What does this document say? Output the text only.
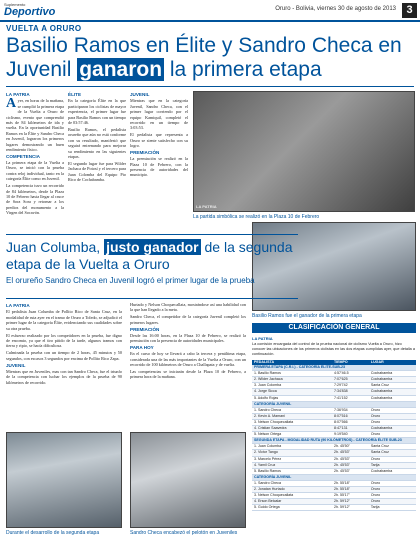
Suplemento
Deportivo	Oruro - Bolivia, viernes 30 de agosto de 2013 3
VUELTA A ORURO
Basilio Ramos en Élite y Sandro Checa en Juvenil ganaron la primera etapa
LA PATRIA

Ayer, en horas de la mañana, se cumplió la primera etapa de la Vuelta a Oruro de ciclismo, evento que comprendió más de 84 kilómetros de ida y vuelta. En la oportunidad Basilio Ramos en la Élite y Sandro Checa en Juvenil, lograron los primeros lugares demostrando un buen rendimiento físico.

COMPETENCIA

La primera etapa de la Vuelta a Oruro, se inició con la prueba contra reloj individual, tanto en la categoría Élite como en Juvenil.

La competencia tuvo un recorrido de 84 kilómetros, desde la Plaza 10 de Febrero hasta llegar al cruce de Sora Sora y retornar a los predios del monumento a la Virgen del Socavón.

ÉLITE

En la categoría Élite en la que participaron los ciclistas de mayor experiencia, el primer lugar fue para Basilio Ramos con un tiempo de 03:57:46.

Basilio Ramos, el pedalista orureño que aún no está conforme con su resultado, manifestó que seguirá entrenando para mejorar su rendimiento en las siguientes etapas.

El segundo lugar fue para Wilder Jachaca de Potosí y el tercero para Juan Colomba del Equipo Pio Rico de Cochabamba.

JUVENIL

Mientras que en la categoría Juvenil, Sandro Checa, con el primer lugar corriendo por el equipo Kamiquil, completó el recorrido en un tiempo de 3:03:53.

El pedalista que representa a Oruro se siente satisfecho con su logro.

PREMIACIÓN

La premiación se realizó en la Plaza 10 de Febrero, con la presencia de autoridades del municipio.

LA PATRIA
La partida simbólica se realizó en la Plaza 10 de Febrero
Basilio Ramos fue el ganador de la primera etapa
Juan Columba, justo ganador de la segunda etapa de la Vuelta a Oruro
El orureño Sandro Checa en Juvenil logró el primer lugar de la prueba
LA PATRIA

El pedalista Juan Columba de Pollito Rico de Santa Cruz, en la modalidad de ruta ayer en el tramo de Oruro a Toledo, se adjudicó el primer lugar de la categoría Élite, evidenciando sus cualidades sobre su otra prueba.

El esfuerzo realizado por los competidores en la prueba, fue digno de encomio, ya que el tiro pitido de la tarde, algunos tramos con tierra y ripio, se hacía dificultosa.

Culminada la prueba con un tiempo de 2 horas, 45 minutos y 50 segundos, con escasos 3 segundos por encima de Pollito Rico Zapa.

JUVENIL

Mientras que en Juveniles, mas con tan Sandro Checa, fue el triunfo de la competencia con luchar los ejemplos de la prueba de 90 kilómetros de recorrido.

Hurtado y Nelson Choquecallata, mostrándose así una habilidad con la que han llegado a la meta.

Sandro Checa, el competidor de la categoría Juvenil completó los primeros lugares.

PREMIACIÓN

Desde las 16:00 horas, en la Plaza 10 de Febrero, se realizó la premiación con la presencia de autoridades municipales.

PARA HOY

En el curso de hoy se llevará a cabo la tercera y penúltima etapa, considerada una de las más importantes de la Vuelta a Oruro, con un recorrido de 100 kilómetros de Oruro a Challapata y de vuelta.

Las competencias se iniciarán desde la Plaza 10 de Febrero, a primera hora de la mañana.

Durante el desarrollo de la segunda etapa	Sandro Checa encabezó el pelotón en Juveniles
CLASIFICACIÓN GENERAL
LA PATRIA
La comisión encargada del control de la prueba nacional de ciclismo Vuelta a Oruro, hizo conocer las ubicaciones de los primeros ciclistas en las dos etapas cumplidas ayer, que detalla a continuación.
PEDALISTA	TIEMPO	LUGAR
PRIMERA ETAPA (C.R.I.) - CATEGORÍA ÉLITE-SUB-23		
1. Basilio Ramos	4:57'46.5	Cochabamba
2. Wilder Jachaca	7:07'625	Cochabamba
3. Juan Colomba	7:29'742	Santa Cruz
4. Jorge Sicca	7:34'838	Cochabamba
5. Adolfo Rojas	7:41'152	Cochabamba
CATEGORÍA JUVENIL		
1. Sandro Checa	7:36'934	Oruro
2. Kevin A. Mamani	8:07'516	Oruro
3. Nelson Choquecallata	8:07'566	Oruro
4. Cristian Saavedra	8:47'131	Cochabamba
5. Nelson Ortega	9:19'540	Oruro
SEGUNDA ETAPA - MODALIDAD RUTA (90 KILÓMETROS) - CATEGORÍA ÉLITE SUB-23		
1. Juan Columba	2h. 45'50"	Santa Cruz
2. Victor Tango	2h. 45'53"	Santa Cruz
3. Marcelo Pérez	2h. 45'53"	Oruro
4. Yamil Cruz	2h. 45'53"	Tarija
5. Basilio Ramos	2h. 45'53"	Cochabamba
CATEGORÍA JUVENIL		
1. Sandro Checa	2h. 55'18"	Oruro
2. Jonatan Hurtado	2h. 55'18"	Oruro
3. Nelson Choquecallata	2h. 55'17"	Oruro
4. Erson Belcalar	2h. 59'12"	Oruro
5. Guido Ortega	2h. 59'12"	Tarija
